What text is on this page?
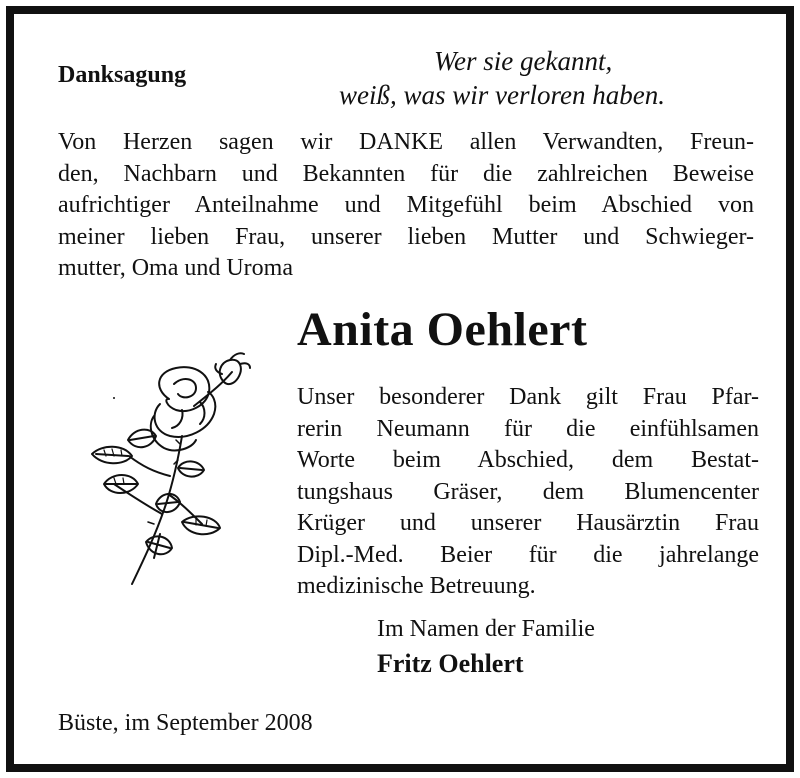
Danksagung	Wer sie gekannt,
weiß, was wir verloren haben.
Von Herzen sagen wir DANKE allen Verwandten, Freun-
den, Nachbarn und Bekannten für die zahlreichen Beweise
aufrichtiger Anteilnahme und Mitgefühl beim Abschied von
meiner lieben Frau, unserer lieben Mutter und Schwieger-
mutter, Oma und Uroma
Anita Oehlert
Unser besonderer Dank gilt Frau Pfar-
rerin Neumann für die einfühlsamen
Worte beim Abschied, dem Bestat-
tungshaus Gräser, dem Blumencenter
Krüger und unserer Hausärztin Frau
Dipl.-Med. Beier für die jahrelange
medizinische Betreuung.
Im Namen der Familie
Fritz Oehlert
Büste, im September 2008
